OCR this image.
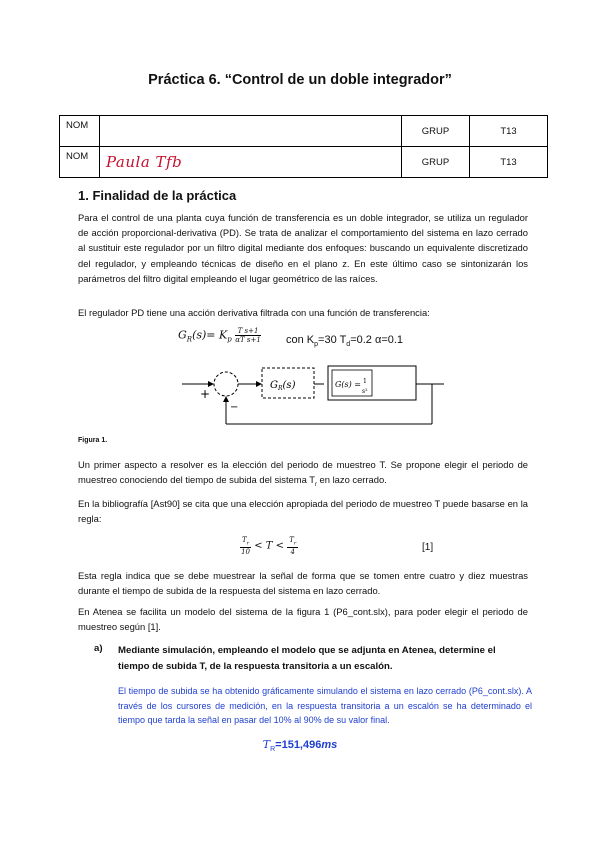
Práctica 6. “Control de un doble integrador”
NOM		GRUP	T13
NOM	Paula Tfb	GRUP	T13
1. Finalidad de la práctica
Para el control de una planta cuya función de transferencia es un doble integrador, se utiliza un regulador de acción proporcional-derivativa (PD). Se trata de analizar el comportamiento del sistema en lazo cerrado al sustituir este regulador por un filtro digital mediante dos enfoques: buscando un equivalente discretizado del regulador, y empleando técnicas de diseño en el plano z. En este último caso se sintonizarán los parámetros del filtro digital empleando el lugar geométrico de las raíces.
El regulador PD tiene una acción derivativa filtrada con una función de transferencia:
$G_R(s)= K_p \frac{\text{T s+1}}{\text{αT s+1}}$ con $K_p=30$ $T_d=0.2$ α=0.1
+
−
$G_R(s)$	G(s) = 1
s²
Figura 1.
Un primer aspecto a resolver es la elección del periodo de muestreo T. Se propone elegir el periodo de muestreo conociendo del tiempo de subida del sistema $T_r$ en lazo cerrado.
En la bibliografía [Ast90] se cita que una elección apropiada del periodo de muestreo T puede basarse en la regla:
$\frac{T_r}{10} < T < \frac{T_r}{4}$	[1]
Esta regla indica que se debe muestrear la señal de forma que se tomen entre cuatro y diez muestras durante el tiempo de subida de la respuesta del sistema en lazo cerrado.
En Atenea se facilita un modelo del sistema de la figura 1 (P6_cont.slx), para poder elegir el periodo de muestreo según [1].
a) Mediante simulación, empleando el modelo que se adjunta en Atenea, determine el tiempo de subida T, de la respuesta transitoria a un escalón.
El tiempo de subida se ha obtenido gráficamente simulando el sistema en lazo cerrado (P6_cont.slx). A través de los cursores de medición, en la respuesta transitoria a un escalón se ha determinado el tiempo que tarda la señal en pasar del 10% al 90% de su valor final.
$T_R=151,496ms$
